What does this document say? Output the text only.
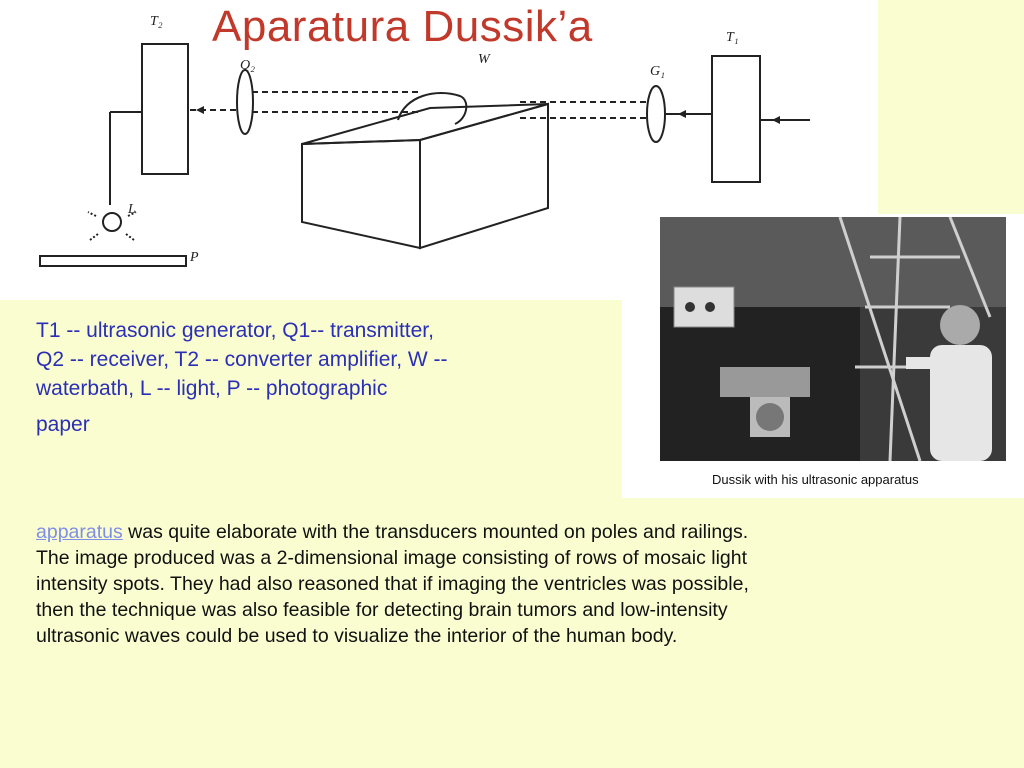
T₂
Q₂	W
G₁
T₁
L
P
Aparatura Dussik’a
Dussik with his ultrasonic apparatus
T1 -- ultrasonic generator, Q1-- transmitter,
Q2 -- receiver, T2 -- converter amplifier, W --
waterbath, L -- light, P -- photographic
paper
apparatus was quite elaborate with the transducers mounted on poles and railings.
The image produced was a 2-dimensional image consisting of rows of mosaic light
intensity spots. They had also reasoned that if imaging the ventricles was possible,
then the technique was also feasible for detecting brain tumors and low-intensity
ultrasonic waves could be used to visualize the interior of the human body.
